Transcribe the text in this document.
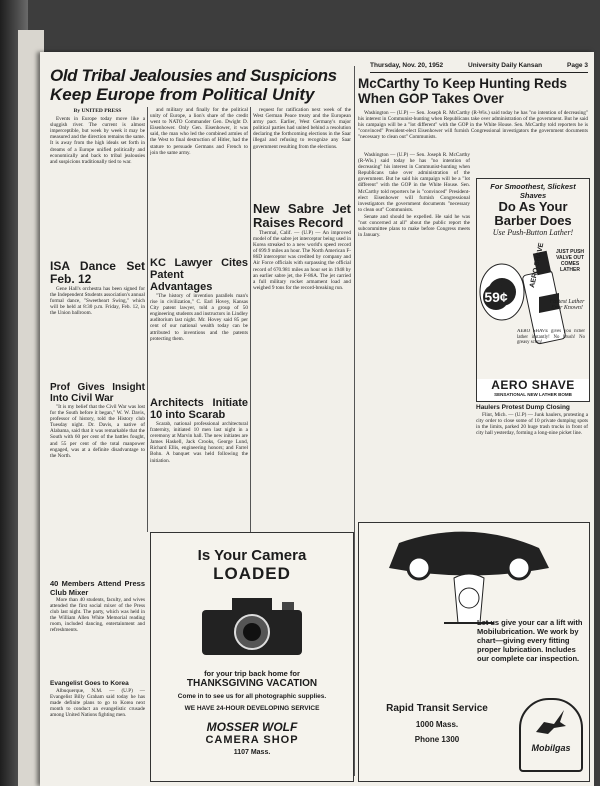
Thursday, Nov. 20, 1952	University Daily Kansan	Page 3
Old Tribal Jealousies and Suspicions
Keep Europe from Political Unity
By UNITED PRESS

Events in Europe today move like a sluggish river. The current is almost imperceptible, but week by week it may be measured and the direction remains the same. It is away from the high ideals set forth in dreams of a Europe unified politically and economically and back to tribal jealousies and suspicions traditionally tied to war.

and military and finally for the political unity of Europe, a lion's share of the credit went to NATO Commander Gen. Dwight D. Eisenhower. Only Gen. Eisenhower, it was said, the man who led the combined armies of the West to final destruction of Hitler, had the stature to persuade Germans and French to join the same army.

request for ratification next week of the West German Peace treaty and the European army pact. Earlier, West Germany's major political parties had united behind a resolution declaring the forthcoming elections in the Saar illegal and refusing to recognize any Saar government resulting from the elections.

ISA Dance Set Feb. 12

Gene Hall's orchestra has been signed for the Independent Students association's annual formal dance, "Sweetheart Swing," which will be held at 8:30 p.m. Friday, Feb. 12, in the Union ballroom.

Prof Gives Insight Into Civil War

"It is my belief that the Civil War was lost for the South before it began," W. W. Davis, professor of history, told the History club Tuesday night. Dr. Davis, a native of Alabama, said that it was remarkable that the South with 60 per cent of the battles fought, and 55 per cent of the total manpower engaged, was at a definite disadvantage to the North.

40 Members Attend Press Club Mixer

More than 40 students, faculty, and wives attended the first social mixer of the Press club last night. The party, which was held in the William Allen White Memorial reading room, included dancing, entertainment and refreshments.

Evangelist Goes to Korea

Albuquerque, N.M. — (U.P) — Evangelist Billy Graham said today he has made definite plans to go to Korea next month to conduct an evangelistic crusade among United Nations fighting men.

KC Lawyer Cites Patent Advantages

"The history of invention parallels man's rise in civilization," C. Earl Hovey, Kansas City patent lawyer, told a group of 50 engineering students and instructors in Lindley auditorium last night. Mr. Hovey said 85 per cent of our national wealth today can be attributed to inventions and the patents protecting them.

Architects Initiate 10 into Scarab

Scarab, national professional architectural fraternity, initiated 10 men last night in a ceremony at Marvin hall. The new initiates are James Haskell, Jack Crooks, George Lund, Richard Ellis, engineering honors; and Farrel Bohn. A banquet was held following the initiation.

New Sabre Jet Raises Record

Thermal, Calif. — (U.P) — An improved model of the sabre jet interceptor being used in Korea streaked to a new world's speed record of 699.9 miles an hour. The North American F-86D interceptor was credited by company and Air Force officials with surpassing the official record of 670.981 miles an hour set in 1948 by an earlier sabre jet, the F-86A. The jet carried a full military rocket armament load and weighed 9 tons for the record-breaking run.

Is Your Camera
LOADED
for your trip back home for
THANKSGIVING VACATION
Come in to see us for all photographic supplies.
WE HAVE 24-HOUR DEVELOPING SERVICE
MOSSER WOLF
CAMERA SHOP
1107 Mass.
McCarthy To Keep Hunting Reds When GOP Takes Over

Washington — (U.P) — Sen. Joseph R. McCarthy (R-Wis.) said today he has "no intention of decreasing" his interest in Communist-hunting when Republicans take over administration of the government. But he said his campaign will be a "lot different" with the GOP in the White House. Sen. McCarthy told reporters he is "convinced" President-elect Eisenhower will furnish Congressional investigators the government documents "necessary to clean out" Communists.

Washington — (U.P) — Sen. Joseph R. McCarthy (R-Wis.) said today he has "no intention of decreasing" his interest in Communist-hunting when Republicans take over administration of the government. But he said his campaign will be a "lot different" with the GOP in the White House. Sen. McCarthy told reporters he is "convinced" President-elect Eisenhower will furnish Congressional investigators the government documents "necessary to clean out" Communists.

Senate and should be expelled. He said he was "not concerned at all" about the public report the subcommittee plans to make before Congress meets in January.

For Smoothest, Slickest Shaves
Do As Your
Barber Does
Use Push-Button Lather!
59¢
JUST PUSH VALVE OUT COMES LATHER
Fastest Lather Ever Known!
AERO SHAVE
AERO SHAVE gives you richer lather instantly! No brush! No greasy scum!
AERO SHAVE
SENSATIONAL NEW LATHER BOMB
Haulers Protest Dump Closing

Flint, Mich. — (U.P) — Junk haulers, protesting a city order to close some of 10 private dumping spots in the limits, parked 20 huge trash trucks in front of city hall yesterday, forming a long-nine picket line.

Let us give your car a lift with
Mobilubrication. We work by
chart—giving every fitting
proper lubrication. Includes
our complete car inspection.
Rapid Transit Service
1000 Mass.
Phone 1300
Mobilgas
